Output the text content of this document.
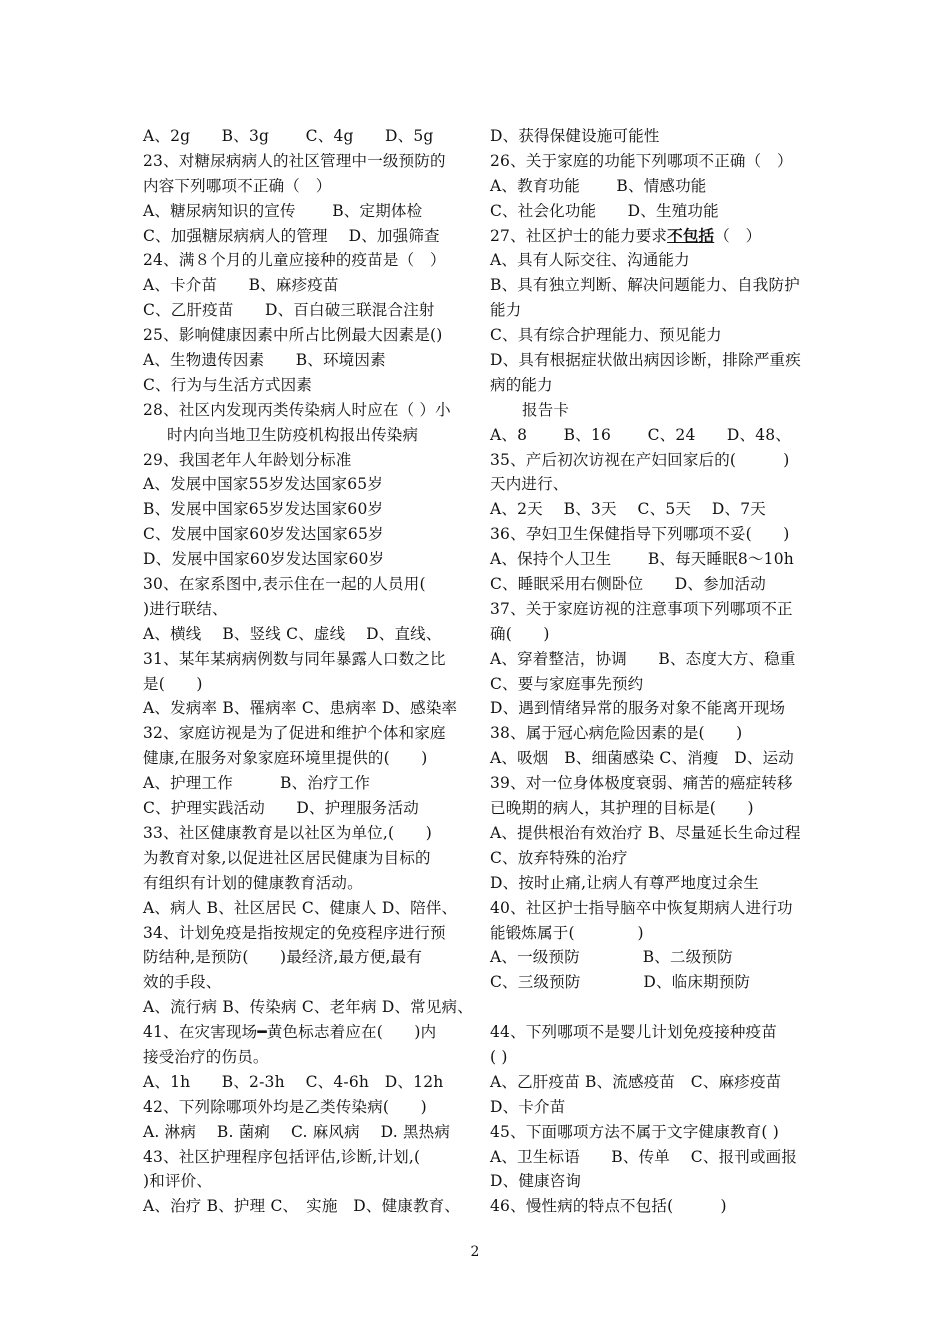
A、2g　　B、3g　　 C、4g　　D、5g
23、对糖尿病病人的社区管理中一级预防的
内容下列哪项不正确（　）
A、糖尿病知识的宣传　　 B、定期体检
C、加强糖尿病病人的管理　 D、加强筛查
24、满８个月的儿童应接种的疫苗是（　）
A、卡介苗　　B、麻疹疫苗
C、乙肝疫苗　　D、百白破三联混合注射
25、影响健康因素中所占比例最大因素是()
A、生物遗传因素　　B、环境因素
C、行为与生活方式因素
28、社区内发现丙类传染病人时应在（ ）小
时内向当地卫生防疫机构报出传染病
29、我国老年人年龄划分标准
A、发展中国家55岁发达国家65岁
B、发展中国家65岁发达国家60岁
C、发展中国家60岁发达国家65岁
D、发展中国家60岁发达国家60岁
30、在家系图中,表示住在一起的人员用(
)进行联结、
A、横线　 B、竖线 C、虚线　 D、直线、
31、某年某病病例数与同年暴露人口数之比
是(　　)
A、发病率 B、罹病率 C、患病率 D、感染率
32、家庭访视是为了促进和维护个体和家庭
健康,在服务对象家庭环境里提供的(　　)
A、护理工作　　　B、治疗工作
C、护理实践活动　　D、护理服务活动
33、社区健康教育是以社区为单位,(　　)
为教育对象,以促进社区居民健康为目标的
有组织有计划的健康教育活动。
A、病人 B、社区居民 C、健康人 D、陪伴、
34、计划免疫是指按规定的免疫程序进行预
防结种,是预防(　　)最经济,最方便,最有
效的手段、
A、流行病 B、传染病 C、老年病 D、常见病、
41、在灾害现场━黄色标志着应在(　　)内
接受治疗的伤员。
A、1h　　B、2-3h　 C、4-6h　D、12h
42、下列除哪项外均是乙类传染病(　　)
A. 淋病　 B. 菌痢　 C. 麻风病　 D. 黑热病
43、社区护理程序包括评估,诊断,计划,(
)和评价、
A、治疗 B、护理 C、　实施　D、健康教育、
D、获得保健设施可能性
26、关于家庭的功能下列哪项不正确（　）
A、教育功能　　 B、情感功能
C、社会化功能　　D、生殖功能
27、社区护士的能力要求不包括（　）
A、具有人际交往、沟通能力
B、具有独立判断、解决问题能力、自我防护
能力
C、具有综合护理能力、预见能力
D、具有根据症状做出病因诊断，排除严重疾
病的能力
报告卡
A、8　　 B、16　　 C、24　　D、48、
35、产后初次访视在产妇回家后的(　　　)
天内进行、
A、2天　 B、3天　 C、5天　 D、7天
36、孕妇卫生保健指导下列哪项不妥(　　)
A、保持个人卫生　　 B、每天睡眠8～10h
C、睡眠采用右侧卧位　　D、参加活动
37、关于家庭访视的注意事项下列哪项不正
确(　　)
A、穿着整洁，协调　　B、态度大方、稳重
C、要与家庭事先预约
D、遇到情绪异常的服务对象不能离开现场
38、属于冠心病危险因素的是(　　)
A、吸烟　B、细菌感染 C、消瘦　D、运动
39、对一位身体极度衰弱、痛苦的癌症转移
已晚期的病人，其护理的目标是(　　)
A、提供根治有效治疗 B、尽量延长生命过程
C、放弃特殊的治疗
D、按时止痛,让病人有尊严地度过余生
40、社区护士指导脑卒中恢复期病人进行功
能锻炼属于(　　　　)
A、一级预防　　　　B、二级预防
C、三级预防　　　　D、临床期预防
44、下列哪项不是婴儿计划免疫接种疫苗
( )
A、乙肝疫苗 B、流感疫苗　C、麻疹疫苗
D、卡介苗
45、下面哪项方法不属于文字健康教育( )
A、卫生标语　　B、传单　 C、报刊或画报
D、健康咨询
46、慢性病的特点不包括(　　　)
2
